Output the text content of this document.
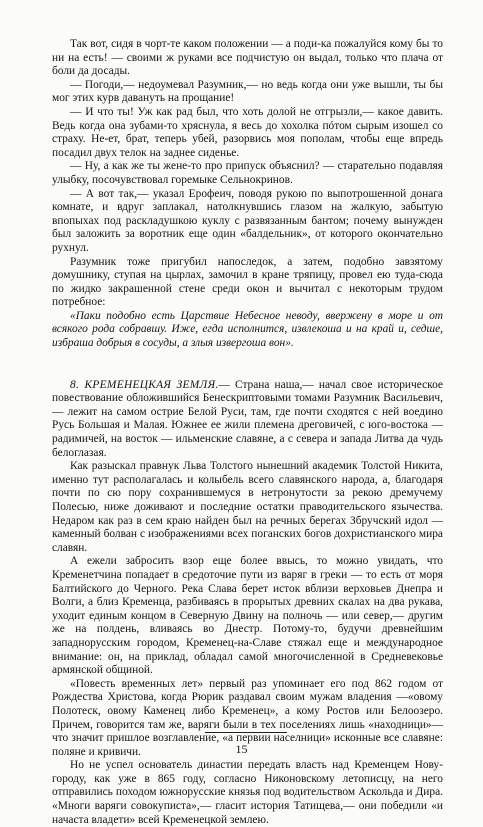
Так вот, сидя в чорт-те каком положении — а поди-ка пожалуйся кому бы то ни на есть! — своими ж руками все подчистую он выдал, только что плача от боли да досады.

— Погоди,— недоумевал Разумник,— но ведь когда они уже вышли, ты бы мог этих курв давануть на прощание!

— И что ты! Уж как рад был, что хоть долой не отгрызли,— какое давить. Ведь когда она зубами-то хряснула, я весь до хохолка пóтом сырым изошел со страху. Не-ет, брат, теперь убей, разорвись моя пополам, чтобы еще впредь посадил двух телок на заднее сиденье.

— Ну, а как же ты жене-то про припуск объяснил? — старательно подавляя улыбку, посочувствовал горемыке Сельнокринов.

— А вот так,— указал Ерофеич, поводя рукою по выпотрошенной донага комнате, и вдруг заплакал, натолкнувшись глазом на жалкую, забытую впопыхах под раскладушкою куклу с развязанным бантом; почему вынужден был заложить за воротник еще один «балдельник», от которого окончательно рухнул.

Разумник тоже пригубил напоследок, а затем, подобно завзятому домушнику, ступая на цырлах, замочил в кране тряпицу, провел ею туда-сюда по жидко закрашенной стене среди окон и вычитал с некоторым трудом потребное:

«Паки подобно есть Царствие Небесное неводу, ввержену в море и от всякого рода собравшу. Иже, егда исполнится, извлекоша и на край и, седше, избраша добрыя в сосуды, а злыя извергоша вон».

8. КРЕМЕНЕЦКАЯ ЗЕМЛЯ.— Страна наша,— начал свое историческое повествование обложившийся Бенескриптовыми томами Разумник Васильевич,— лежит на самом острие Белой Руси, там, где почти сходятся с ней воедино Русь Большая и Малая. Южнее ее жили племена дреговичей, с юго-востока — радимичей, на восток — ильменские славяне, а с севера и запада Литва да чудь белоглазая.

Как разыскал правнук Льва Толстого нынешний академик Толстой Никита, именно тут располагалась и колыбель всего славянского народа, а, благодаря почти по сю пору сохранившемуся в нетронутости за рекою дремучему Полесью, ниже доживают и последние остатки праводительского язычества. Недаром как раз в сем краю найден был на речных берегах Збручский идол — каменный болван с изображениями всех поганских богов дохристианского мира славян.

А ежели забросить взор еще более ввысь, то можно увидать, что Кременетчина попадает в средоточие пути из варяг в греки — то есть от моря Балтийского до Черного. Река Слава берет исток вблизи верховьев Днепра и Волги, а близ Кременца, разбиваясь в прорытых древних скалах на два рукава, уходит единым концом в Северную Двину на полночь — или север,— другим же на полдень, вливаясь во Днестр. Потому-то, будучи древнейшим западнорусским городом, Кременец-на-Славе стяжал еще и международное внимание: он, на приклад, обладал самой многочисленной в Средневековье армянской общиной.

«Повесть временных лет» первый раз упоминает его под 862 годом от Рождества Христова, когда Рюрик раздавал своим мужам владения —«овому Полотеск, овому Каменец либо Кременец», а кому Ростов или Белоозеро. Причем, говорится там же, варяги были в тех поселениях лишь «находници»— что значит пришлое возглавление, «а первии населници» исконные все славяне: поляне и кривичи.

Но не успел основатель династии передать власть над Кременцем Нову-городу, как уже в 865 году, согласно Никоновскому летописцу, на него отправились походом южнорусские князья под водительством Аскольда и Дира. «Многи варяги совокуписта»,— гласит история Татищева,— они победили «и начаста владети» всей Кременецкой землею.

15
